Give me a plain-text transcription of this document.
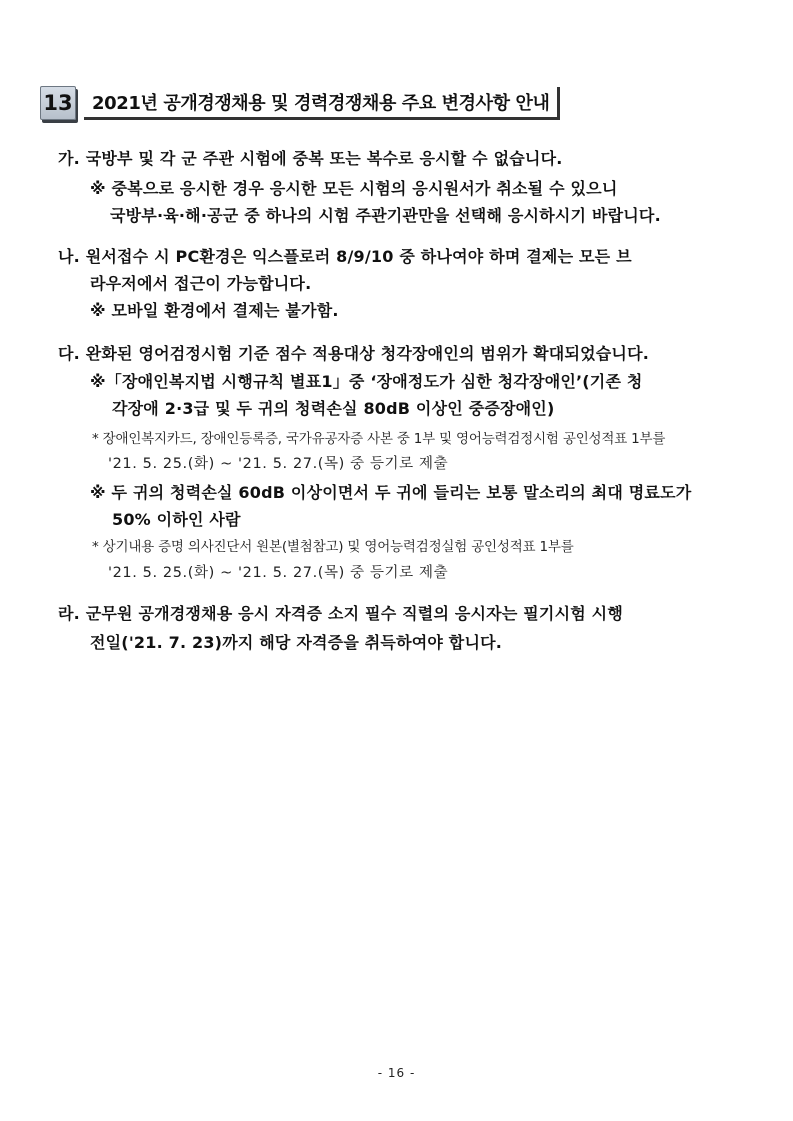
13 2021년 공개경쟁채용 및 경력경쟁채용 주요 변경사항 안내
가. 국방부 및 각 군 주관 시험에 중복 또는 복수로 응시할 수 없습니다.
※ 중복으로 응시한 경우 응시한 모든 시험의 응시원서가 취소될 수 있으니
국방부·육·해·공군 중 하나의 시험 주관기관만을 선택해 응시하시기 바랍니다.
나. 원서접수 시 PC환경은 익스플로러 8/9/10 중 하나여야 하며 결제는 모든 브
라우저에서 접근이 가능합니다.
※ 모바일 환경에서 결제는 불가함.
다. 완화된 영어검정시험 기준 점수 적용대상 청각장애인의 범위가 확대되었습니다.
※「장애인복지법 시행규칙 별표1」중 ‘장애정도가 심한 청각장애인’(기존 청
각장애 2·3급 및 두 귀의 청력손실 80dB 이상인 중증장애인)
* 장애인복지카드, 장애인등록증, 국가유공자증 사본 중 1부 및 영어능력검정시험 공인성적표 1부를
'21. 5. 25.(화) ~ '21. 5. 27.(목) 중 등기로 제출
※ 두 귀의 청력손실 60dB 이상이면서 두 귀에 들리는 보통 말소리의 최대 명료도가
50% 이하인 사람
* 상기내용 증명 의사진단서 원본(별첨참고) 및 영어능력검정실험 공인성적표 1부를
'21. 5. 25.(화) ~ '21. 5. 27.(목) 중 등기로 제출
라. 군무원 공개경쟁채용 응시 자격증 소지 필수 직렬의 응시자는 필기시험 시행
전일('21. 7. 23)까지 해당 자격증을 취득하여야 합니다.
- 16 -
